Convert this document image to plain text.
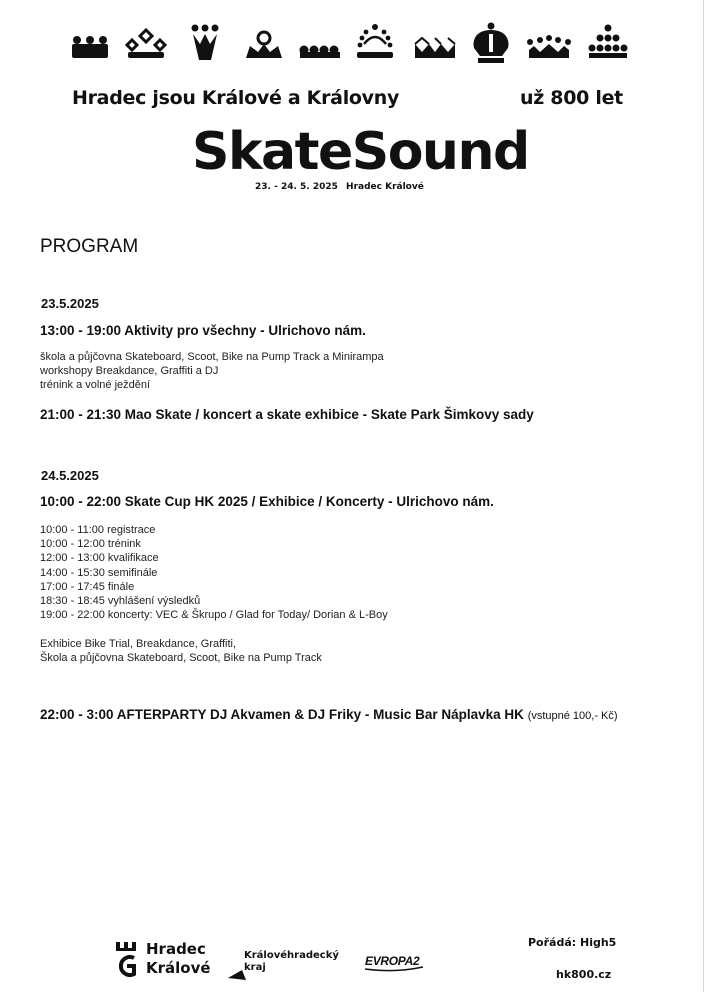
Hradec jsou Králové a Královny	už 800 let
SkateSound
23. - 24. 5. 2025 Hradec Králové
PROGRAM
23.5.2025
13:00 - 19:00 Aktivity pro všechny - Ulrichovo nám.
škola a půjčovna Skateboard, Scoot, Bike na Pump Track a Minirampa
workshopy Breakdance, Graffiti a DJ
trénink a volné ježdění
21:00 - 21:30 Mao Skate / koncert a skate exhibice - Skate Park Šimkovy sady
24.5.2025
10:00 - 22:00 Skate Cup HK 2025 / Exhibice / Koncerty - Ulrichovo nám.
10:00 - 11:00 registrace
10:00 - 12:00 trénink
12:00 - 13:00 kvalifikace
14:00 - 15:30 semifinále
17:00 - 17:45 finále
18:30 - 18:45 vyhlášení výsledků
19:00 - 22:00 koncerty: VEC & Škrupo / Glad for Today/ Dorian & L-Boy
Exhibice Bike Trial, Breakdance, Graffiti,
Škola a půjčovna Skateboard, Scoot, Bike na Pump Track
22:00 - 3:00 AFTERPARTY DJ Akvamen & DJ Friky - Music Bar Náplavka HK (vstupné 100,- Kč)
Hradec
Králové
Královéhradecký
kraj	EVROPA2
Pořádá: High5
hk800.cz
